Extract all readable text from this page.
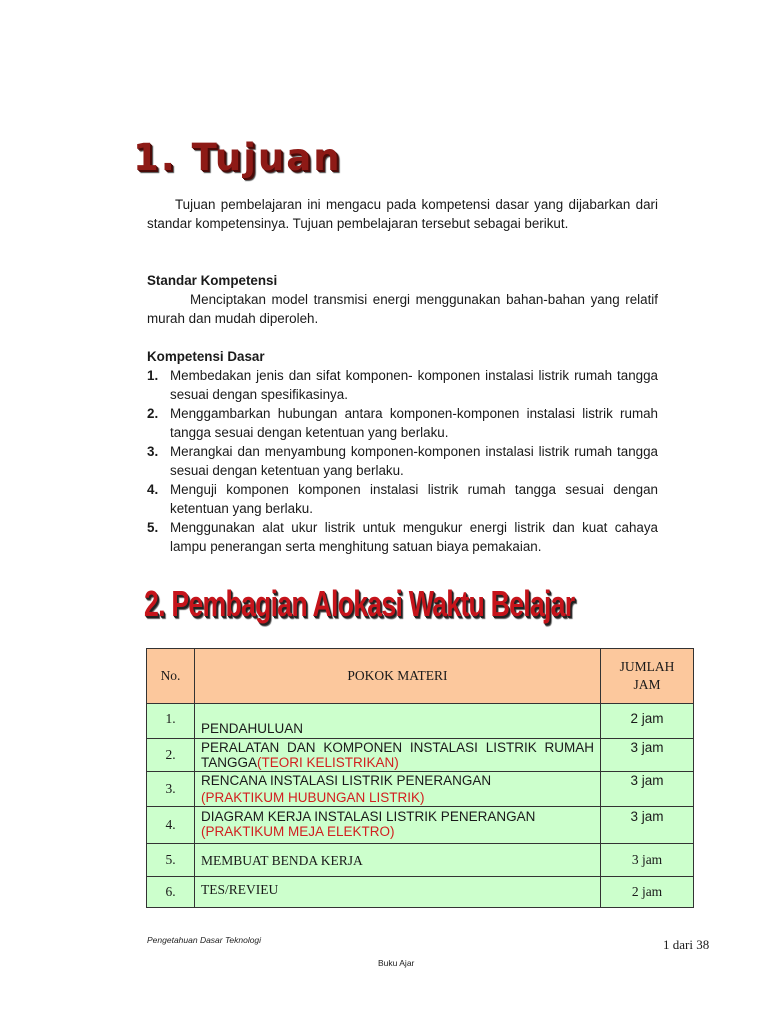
1. Tujuan

Tujuan pembelajaran ini mengacu pada kompetensi dasar yang dijabarkan dari standar kompetensinya. Tujuan pembelajaran tersebut sebagai berikut.

Standar Kompetensi

Menciptakan model transmisi energi menggunakan bahan-bahan yang relatif murah dan mudah diperoleh.

Kompetensi Dasar
1. Membedakan jenis dan sifat komponen- komponen instalasi listrik rumah tangga sesuai dengan spesifikasinya.
2. Menggambarkan hubungan antara komponen-komponen instalasi listrik rumah tangga sesuai dengan ketentuan yang berlaku.
3. Merangkai dan menyambung komponen-komponen instalasi listrik rumah tangga sesuai dengan ketentuan yang berlaku.
4. Menguji komponen komponen instalasi listrik rumah tangga sesuai dengan ketentuan yang berlaku.
5. Menggunakan alat ukur listrik untuk mengukur energi listrik dan kuat cahaya lampu penerangan serta menghitung satuan biaya pemakaian.
2. Pembagian Alokasi Waktu Belajar
No.	POKOK MATERI	JUMLAH JAM
1.	PENDAHULUAN	2 jam
2.	PERALATAN DAN KOMPONEN INSTALASI LISTRIK RUMAH TANGGA(TEORI KELISTRIKAN)	3 jam
3.	RENCANA INSTALASI LISTRIK PENERANGAN
(PRAKTIKUM HUBUNGAN LISTRIK)	3 jam
4.	DIAGRAM KERJA INSTALASI LISTRIK PENERANGAN
(PRAKTIKUM MEJA ELEKTRO)	3 jam
5.	MEMBUAT BENDA KERJA	3 jam
6.	TES/REVIEU	2 jam
Pengetahuan Dasar Teknologi	1 dari 38
Buku Ajar
